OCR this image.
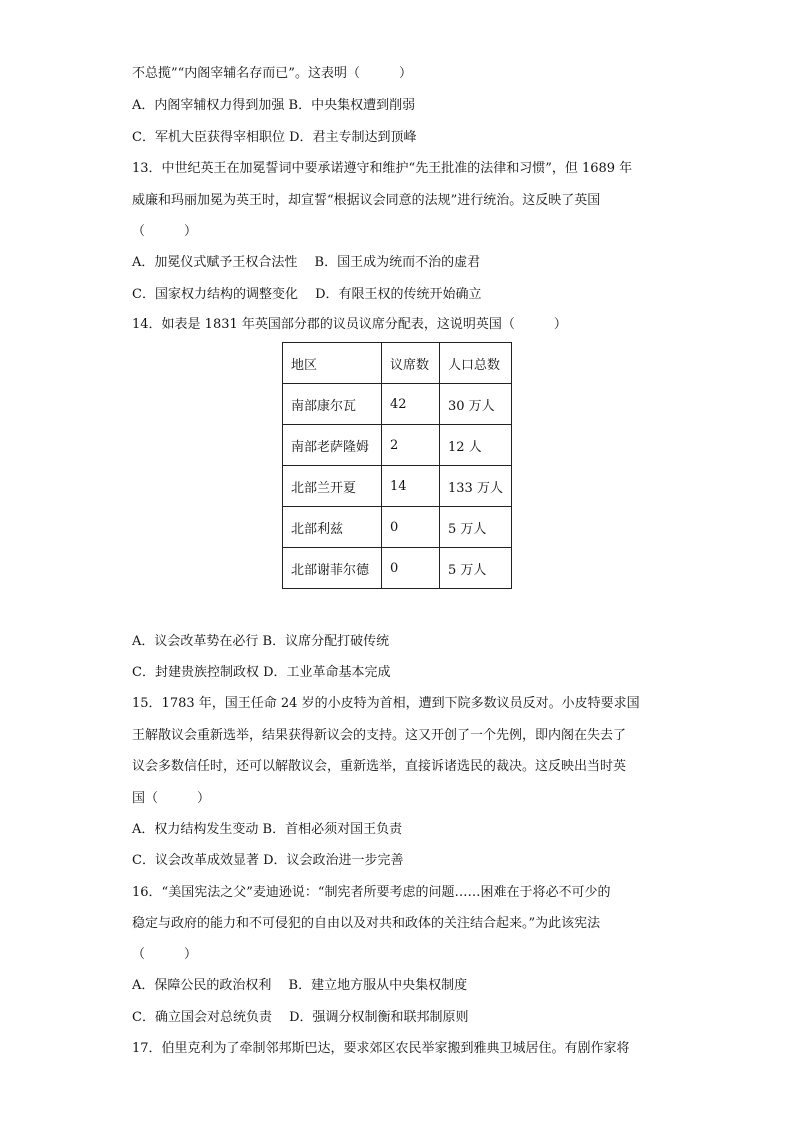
不总揽”“内阁宰辅名存而已”。这表明（　　　）
A．内阁宰辅权力得到加强 B．中央集权遭到削弱
C．军机大臣获得宰相职位 D．君主专制达到顶峰
13．中世纪英王在加冕誓词中要承诺遵守和维护“先王批准的法律和习惯”，但 1689 年
威廉和玛丽加冕为英王时，却宣誓“根据议会同意的法规”进行统治。这反映了英国
（　　　）
A．加冕仪式赋予王权合法性　 B．国王成为统而不治的虚君
C．国家权力结构的调整变化　 D．有限王权的传统开始确立
14．如表是 1831 年英国部分郡的议员议席分配表，这说明英国（　　　）
地区	议席数	人口总数
南部康尔瓦	42	30 万人
南部老萨隆姆	2	12 人
北部兰开夏	14	133 万人
北部利兹	0	5 万人
北部谢菲尔德	0	5 万人
A．议会改革势在必行 B．议席分配打破传统
C．封建贵族控制政权 D．工业革命基本完成
15．1783 年，国王任命 24 岁的小皮特为首相，遭到下院多数议员反对。小皮特要求国
王解散议会重新选举，结果获得新议会的支持。这又开创了一个先例，即内阁在失去了
议会多数信任时，还可以解散议会，重新选举，直接诉诸选民的裁决。这反映出当时英
国（　　　）
A．权力结构发生变动 B．首相必须对国王负责
C．议会改革成效显著 D．议会政治进一步完善
16．“美国宪法之父”麦迪逊说：“制宪者所要考虑的问题……困难在于将必不可少的
稳定与政府的能力和不可侵犯的自由以及对共和政体的关注结合起来。”为此该宪法
（　　　）
A．保障公民的政治权利　 B．建立地方服从中央集权制度
C．确立国会对总统负责　 D．强调分权制衡和联邦制原则
17．伯里克利为了牵制邻邦斯巴达，要求郊区农民举家搬到雅典卫城居住。有剧作家将
